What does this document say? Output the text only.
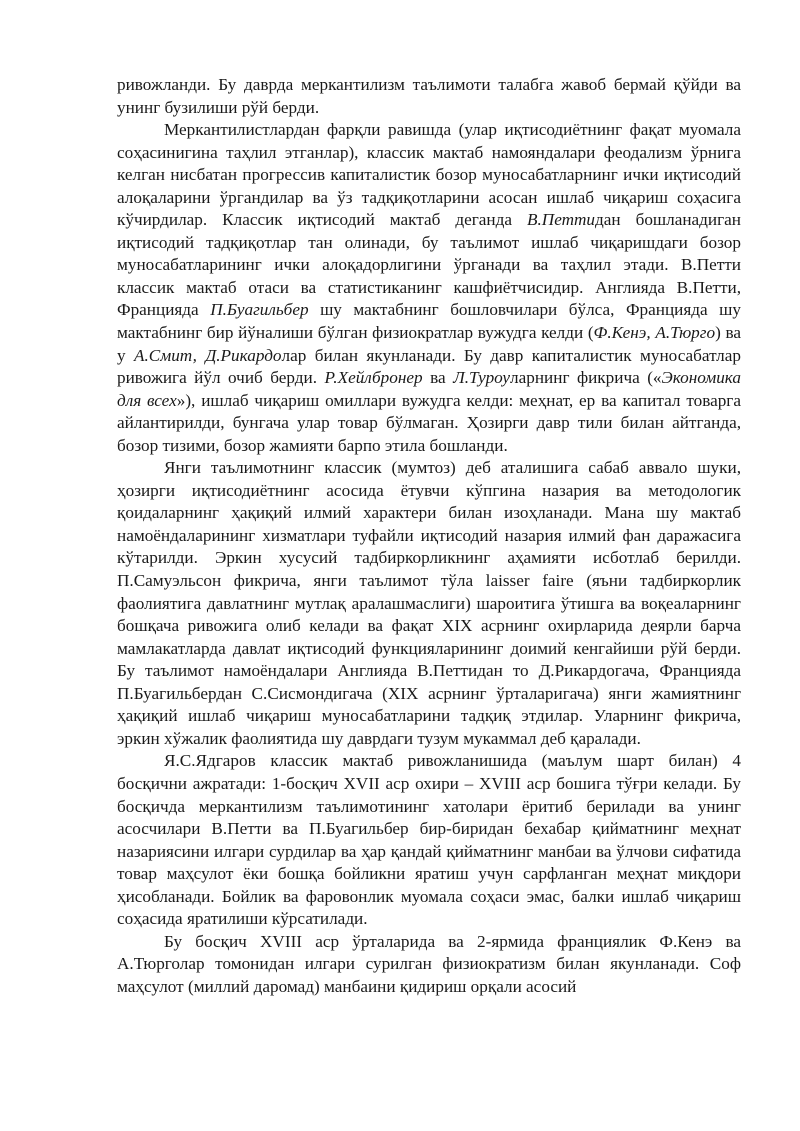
ривожланди. Бу даврда меркантилизм таълимоти талабга жавоб бермай қўйди ва унинг бузилиши рўй берди.

Меркантилистлардан фарқли равишда (улар иқтисодиётнинг фақат муомала соҳасинигина таҳлил этганлар), классик мактаб намояндалари феодализм ўрнига келган нисбатан прогрессив капиталистик бозор муносабатларнинг ички иқтисодий алоқаларини ўргандилар ва ўз тадқиқотларини асосан ишлаб чиқариш соҳасига кўчирдилар. Классик иқтисодий мактаб деганда В.Петтидан бошланадиган иқтисодий тадқиқотлар тан олинади, бу таълимот ишлаб чиқаришдаги бозор муносабатларининг ички алоқадорлигини ўрганади ва таҳлил этади. В.Петти классик мактаб отаси ва статистиканинг кашфиётчисидир. Англияда В.Петти, Францияда П.Буагильбер шу мактабнинг бошловчилари бўлса, Францияда шу мактабнинг бир йўналиши бўлган физиократлар вужудга келди (Ф.Кенэ, А.Тюрго) ва у А.Смит, Д.Рикардолар билан якунланади. Бу давр капиталистик муносабатлар ривожига йўл очиб берди. Р.Хейлбронер ва Л.Туроуларнинг фикрича («Экономика для всех»), ишлаб чиқариш омиллари вужудга келди: меҳнат, ер ва капитал товарга айлантирилди, бунгача улар товар бўлмаган. Ҳозирги давр тили билан айтганда, бозор тизими, бозор жамияти барпо этила бошланди.

Янги таълимотнинг классик (мумтоз) деб аталишига сабаб аввало шуки, ҳозирги иқтисодиётнинг асосида ётувчи кўпгина назария ва методологик қоидаларнинг ҳақиқий илмий характери билан изоҳланади. Мана шу мактаб намоёндаларининг хизматлари туфайли иқтисодий назария илмий фан даражасига кўтарилди. Эркин хусусий тадбиркорликнинг аҳамияти исботлаб берилди. П.Самуэльсон фикрича, янги таълимот тўла laisser faire (яъни тадбиркорлик фаолиятига давлатнинг мутлақ аралашмаслиги) шароитига ўтишга ва воқеаларнинг бошқача ривожига олиб келади ва фақат XIX асрнинг охирларида деярли барча мамлакатларда давлат иқтисодий функцияларининг доимий кенгайиши рўй берди. Бу таълимот намоёндалари Англияда В.Петтидан то Д.Рикардогача, Францияда П.Буагильбердан С.Сисмондигача (XIX асрнинг ўрталаригача) янги жамиятнинг ҳақиқий ишлаб чиқариш муносабатларини тадқиқ этдилар. Уларнинг фикрича, эркин хўжалик фаолиятида шу даврдаги тузум мукаммал деб қаралади.

Я.С.Ядгаров классик мактаб ривожланишида (маълум шарт билан) 4 босқични ажратади: 1-босқич XVII аср охири – XVIII аср бошига тўғри келади. Бу босқичда меркантилизм таълимотининг хатолари ёритиб берилади ва унинг асосчилари В.Петти ва П.Буагильбер бир-биридан бехабар қийматнинг меҳнат назариясини илгари сурдилар ва ҳар қандай қийматнинг манбаи ва ўлчови сифатида товар маҳсулот ёки бошқа бойликни яратиш учун сарфланган меҳнат миқдори ҳисобланади. Бойлик ва фаровонлик муомала соҳаси эмас, балки ишлаб чиқариш соҳасида яратилиши кўрсатилади.

Бу босқич XVIII аср ўрталарида ва 2-ярмида франциялик Ф.Кенэ ва А.Тюрголар томонидан илгари сурилган физиократизм билан якунланади. Соф маҳсулот (миллий даромад) манбаини қидириш орқали асосий
